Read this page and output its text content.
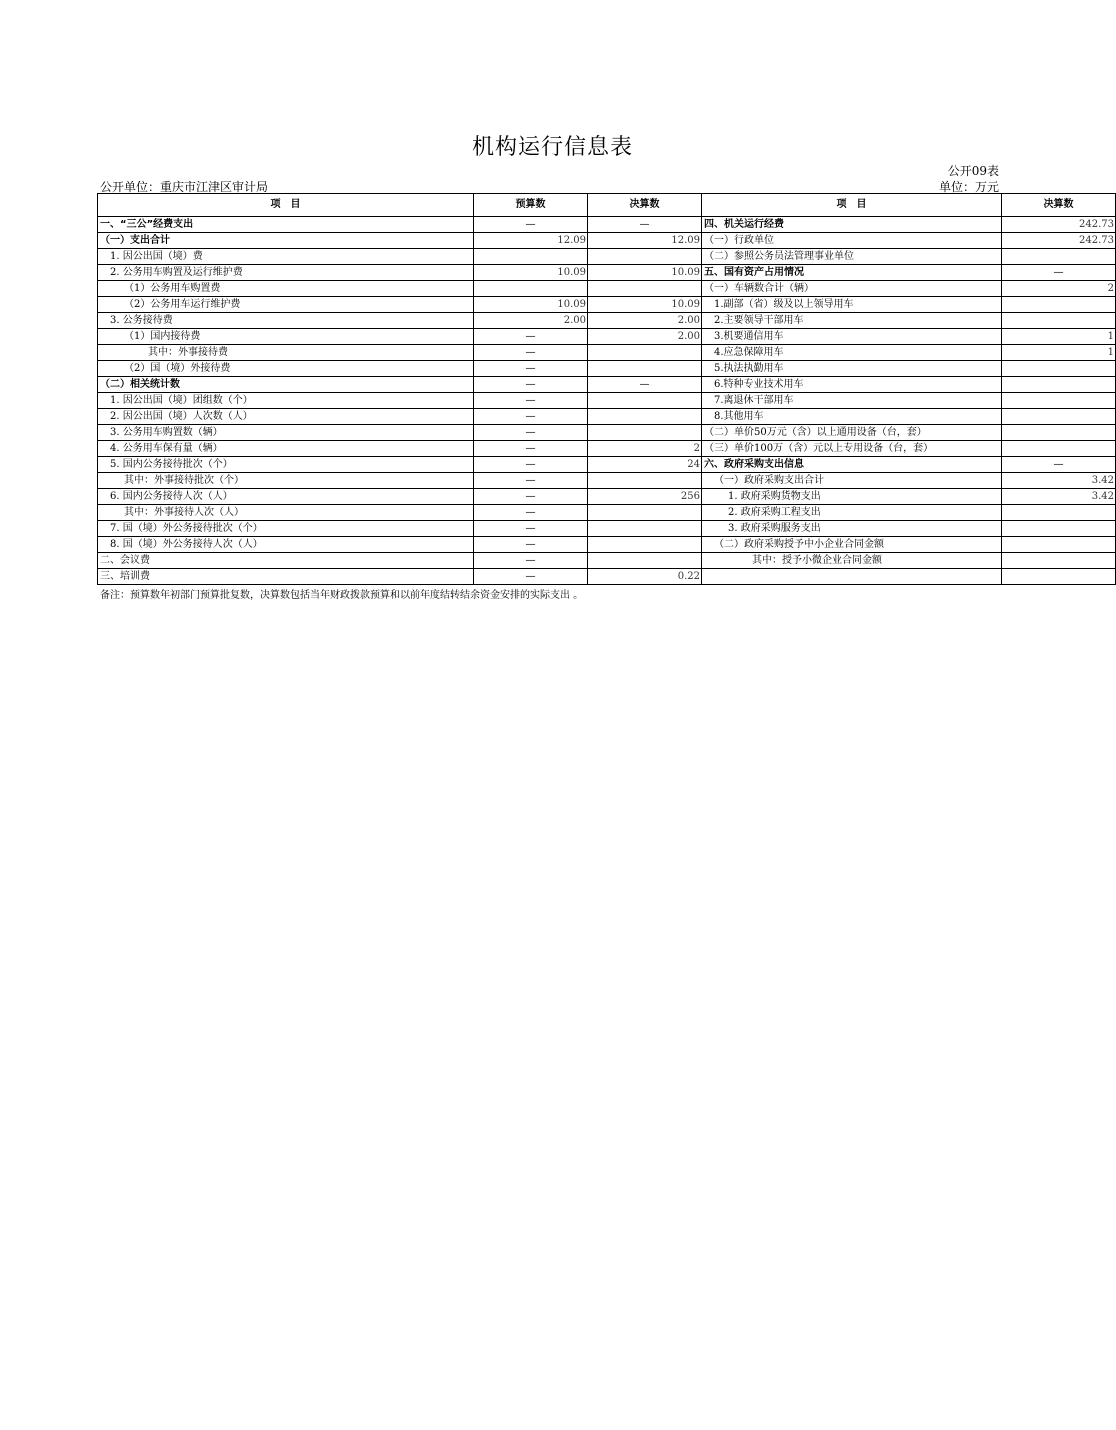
机构运行信息表
公开09表
公开单位：重庆市江津区审计局	单位：万元
项　目	预算数	决算数	项　目	决算数
一、“三公”经费支出	—	—	四、机关运行经费	242.73
（一）支出合计	12.09	12.09	（一）行政单位	242.73
1. 因公出国（境）费			（二）参照公务员法管理事业单位	
2. 公务用车购置及运行维护费	10.09	10.09	五、国有资产占用情况	—
（1）公务用车购置费			（一）车辆数合计（辆）	2
（2）公务用车运行维护费	10.09	10.09	1.副部（省）级及以上领导用车	
3. 公务接待费	2.00	2.00	2.主要领导干部用车	
（1）国内接待费	—	2.00	3.机要通信用车	1
其中：外事接待费	—		4.应急保障用车	1
（2）国（境）外接待费	—		5.执法执勤用车	
（二）相关统计数	—	—	6.特种专业技术用车	
1. 因公出国（境）团组数（个）	—		7.离退休干部用车	
2. 因公出国（境）人次数（人）	—		8.其他用车	
3. 公务用车购置数（辆）	—		（二）单价50万元（含）以上通用设备（台，套）	
4. 公务用车保有量（辆）	—	2	（三）单价100万（含）元以上专用设备（台，套）	
5. 国内公务接待批次（个）	—	24	六、政府采购支出信息	—
其中：外事接待批次（个）	—		（一）政府采购支出合计	3.42
6. 国内公务接待人次（人）	—	256	1. 政府采购货物支出	3.42
其中：外事接待人次（人）	—		2. 政府采购工程支出	
7. 国（境）外公务接待批次（个）	—		3. 政府采购服务支出	
8. 国（境）外公务接待人次（人）	—		（二）政府采购授予中小企业合同金额	
二、会议费	—		其中：授予小微企业合同金额	
三、培训费	—	0.22		
备注：预算数年初部门预算批复数，决算数包括当年财政拨款预算和以前年度结转结余资金安排的实际支出 。
